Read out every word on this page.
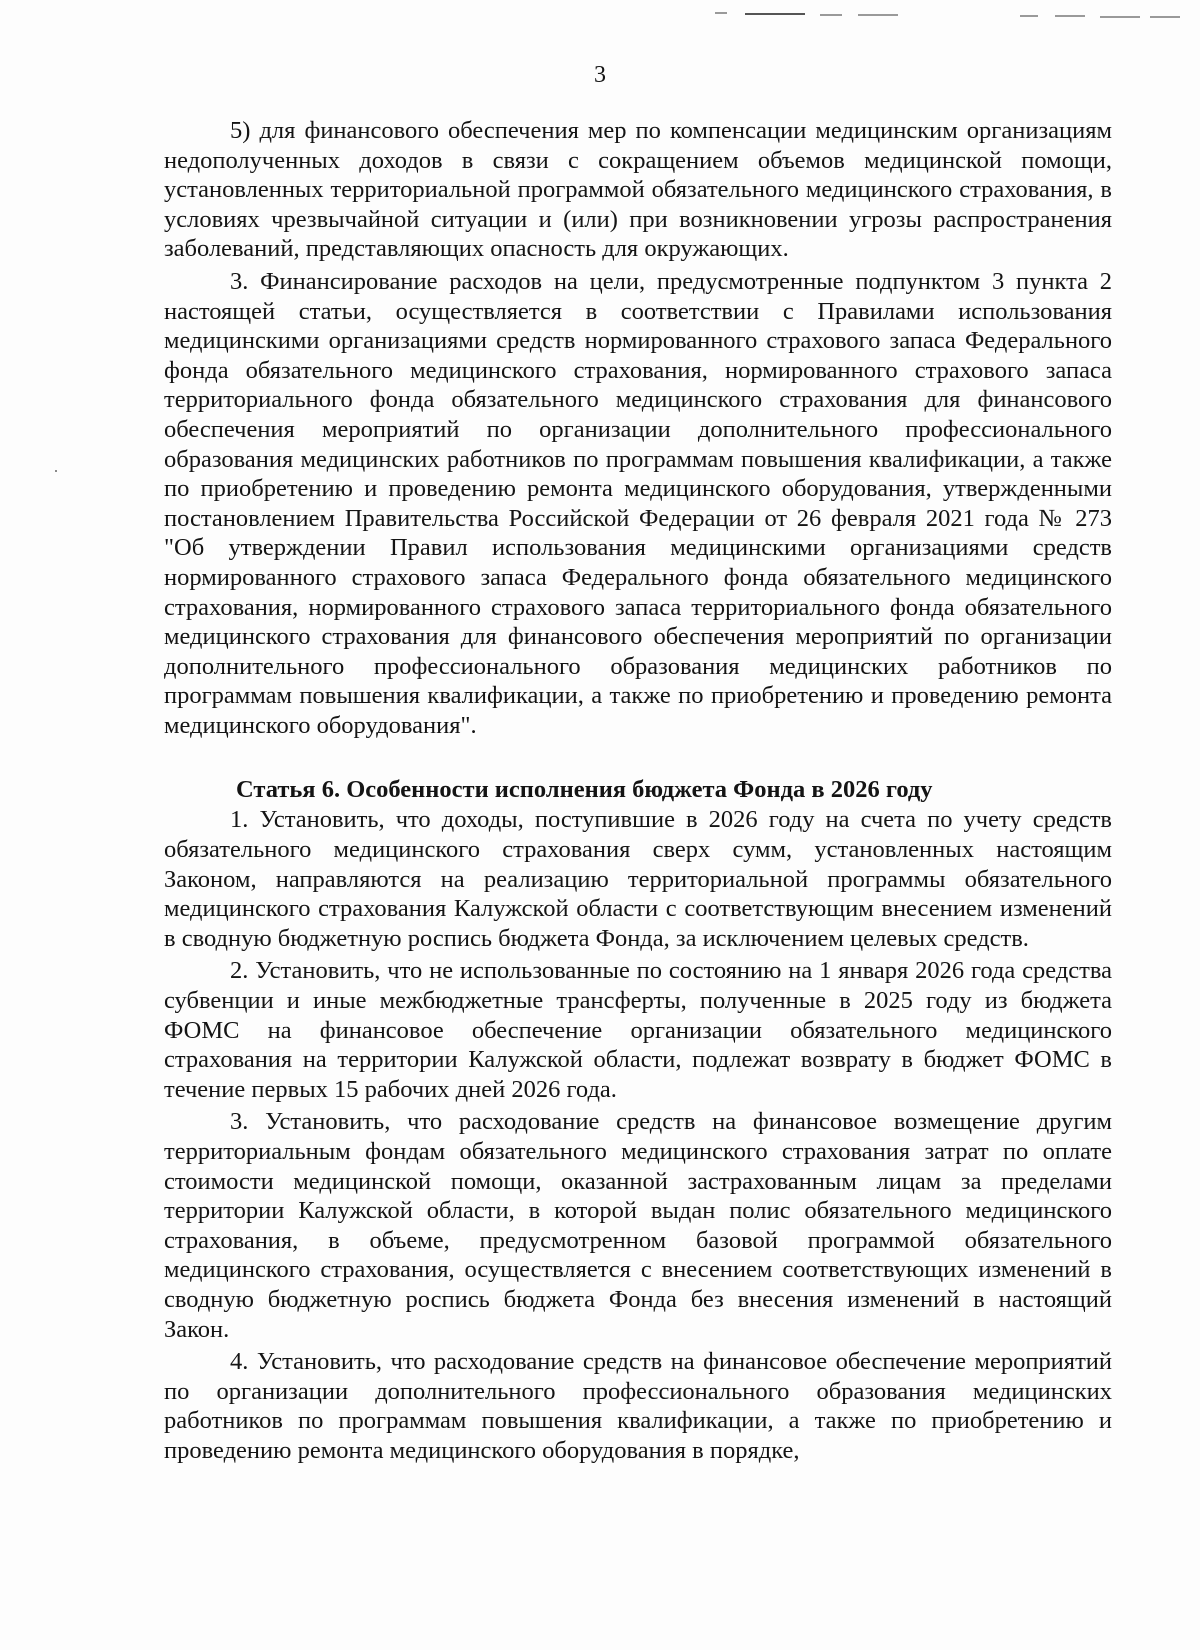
3

5) для финансового обеспечения мер по компенсации медицинским организациям недополученных доходов в связи с сокращением объемов медицинской помощи, установленных территориальной программой обязательного медицинского страхования, в условиях чрезвычайной ситуации и (или) при возникновении угрозы распространения заболеваний, представляющих опасность для окружающих.

3. Финансирование расходов на цели, предусмотренные подпунктом 3 пункта 2 настоящей статьи, осуществляется в соответствии с Правилами использования медицинскими организациями средств нормированного страхового запаса Федерального фонда обязательного медицинского страхования, нормированного страхового запаса территориального фонда обязательного медицинского страхования для финансового обеспечения мероприятий по организации дополнительного профессионального образования медицинских работников по программам повышения квалификации, а также по приобретению и проведению ремонта медицинского оборудования, утвержденными постановлением Правительства Российской Федерации от 26 февраля 2021 года № 273 "Об утверждении Правил использования медицинскими организациями средств нормированного страхового запаса Федерального фонда обязательного медицинского страхования, нормированного страхового запаса территориального фонда обязательного медицинского страхования для финансового обеспечения мероприятий по организации дополнительного профессионального образования медицинских работников по программам повышения квалификации, а также по приобретению и проведению ремонта медицинского оборудования".

Статья 6. Особенности исполнения бюджета Фонда в 2026 году

1. Установить, что доходы, поступившие в 2026 году на счета по учету средств обязательного медицинского страхования сверх сумм, установленных настоящим Законом, направляются на реализацию территориальной программы обязательного медицинского страхования Калужской области с соответствующим внесением изменений в сводную бюджетную роспись бюджета Фонда, за исключением целевых средств.

2. Установить, что не использованные по состоянию на 1 января 2026 года средства субвенции и иные межбюджетные трансферты, полученные в 2025 году из бюджета ФОМС на финансовое обеспечение организации обязательного медицинского страхования на территории Калужской области, подлежат возврату в бюджет ФОМС в течение первых 15 рабочих дней 2026 года.

3. Установить, что расходование средств на финансовое возмещение другим территориальным фондам обязательного медицинского страхования затрат по оплате стоимости медицинской помощи, оказанной застрахованным лицам за пределами территории Калужской области, в которой выдан полис обязательного медицинского страхования, в объеме, предусмотренном базовой программой обязательного медицинского страхования, осуществляется с внесением соответствующих изменений в сводную бюджетную роспись бюджета Фонда без внесения изменений в настоящий Закон.

4. Установить, что расходование средств на финансовое обеспечение мероприятий по организации дополнительного профессионального образования медицинских работников по программам повышения квалификации, а также по приобретению и проведению ремонта медицинского оборудования в порядке,
